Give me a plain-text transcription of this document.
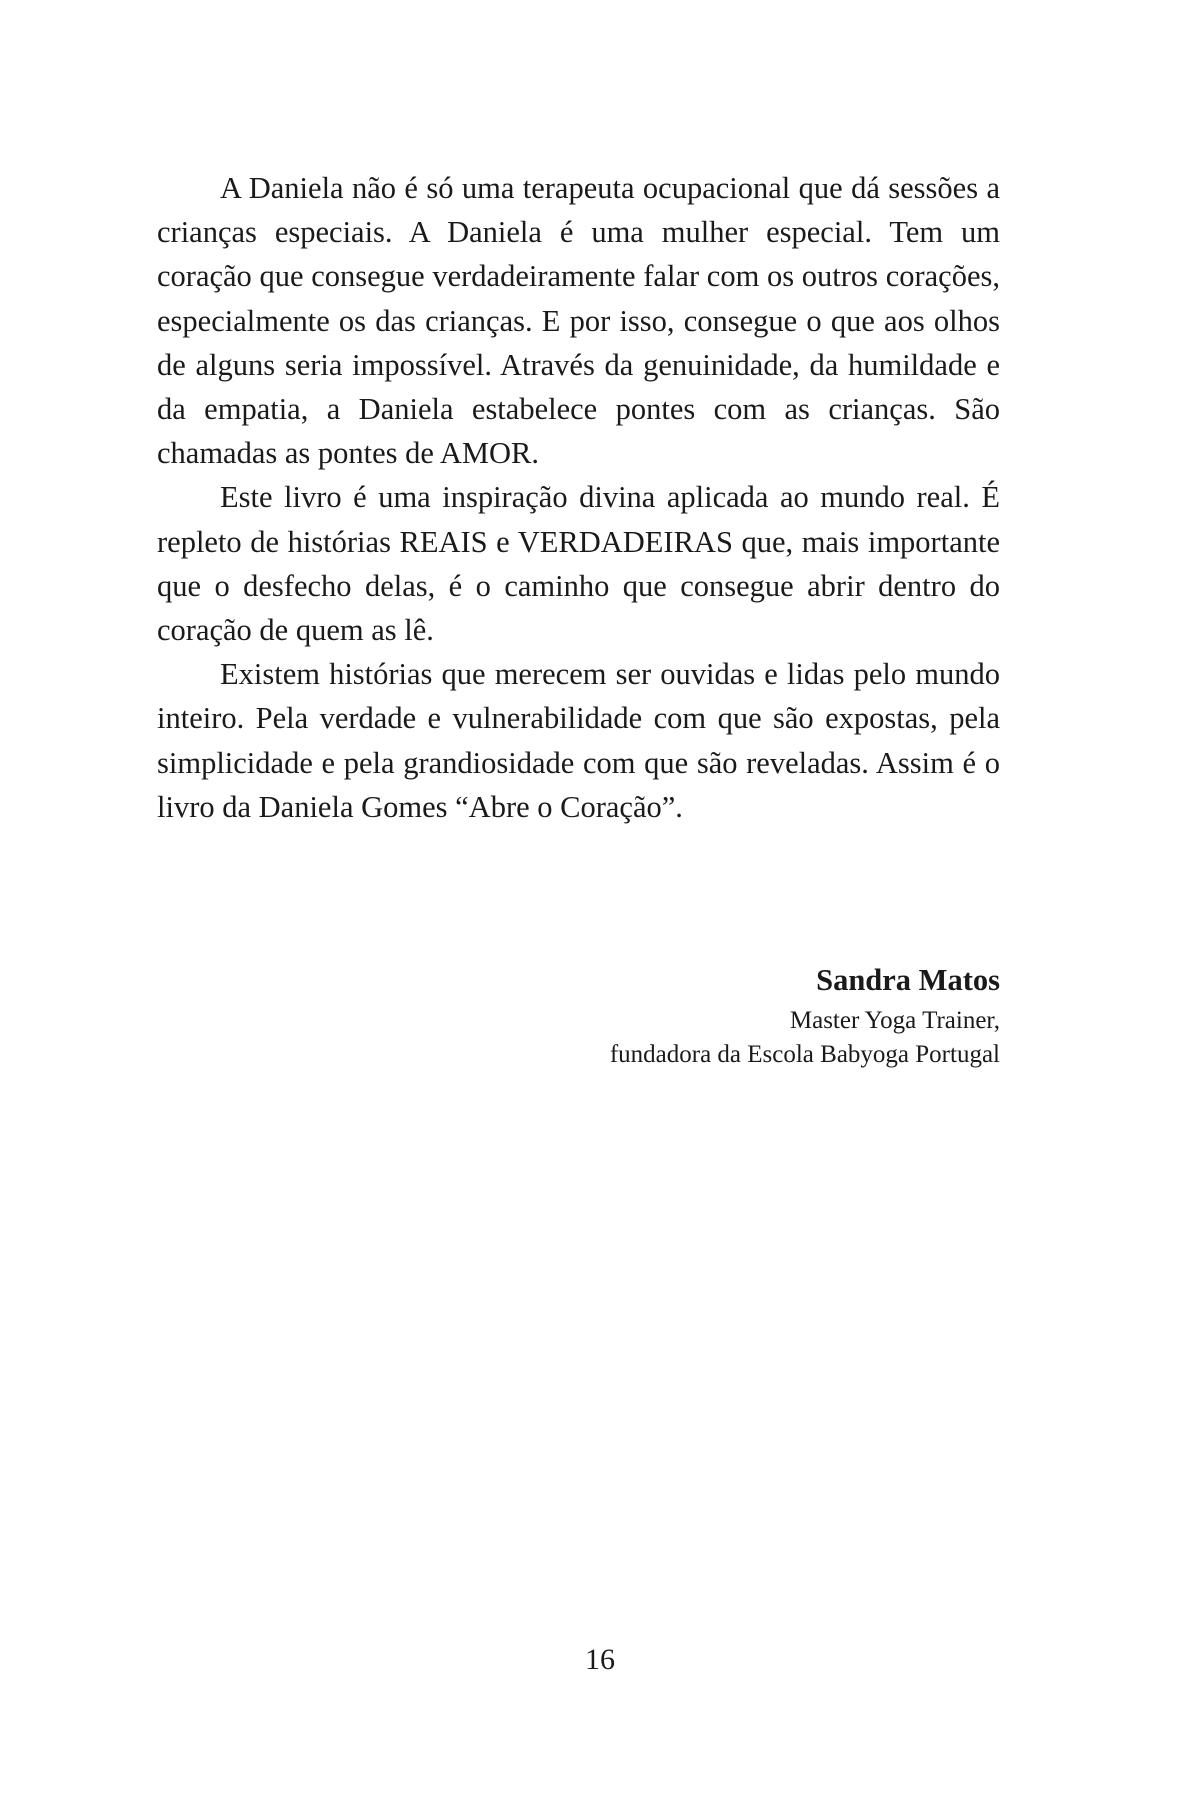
A Daniela não é só uma terapeuta ocupacional que dá sessões a crianças especiais. A Daniela é uma mulher especial. Tem um coração que consegue verdadeiramente falar com os outros corações, especialmente os das crianças. E por isso, consegue o que aos olhos de alguns seria impossível. Através da genuinidade, da humildade e da empatia, a Daniela estabelece pontes com as crianças. São chamadas as pontes de AMOR.

Este livro é uma inspiração divina aplicada ao mundo real. É repleto de histórias REAIS e VERDADEIRAS que, mais importante que o desfecho delas, é o caminho que consegue abrir dentro do coração de quem as lê.

Existem histórias que merecem ser ouvidas e lidas pelo mundo inteiro. Pela verdade e vulnerabilidade com que são expostas, pela simplicidade e pela grandiosidade com que são reveladas. Assim é o livro da Daniela Gomes “Abre o Coração”.

Sandra Matos
Master Yoga Trainer,
fundadora da Escola Babyoga Portugal
16
